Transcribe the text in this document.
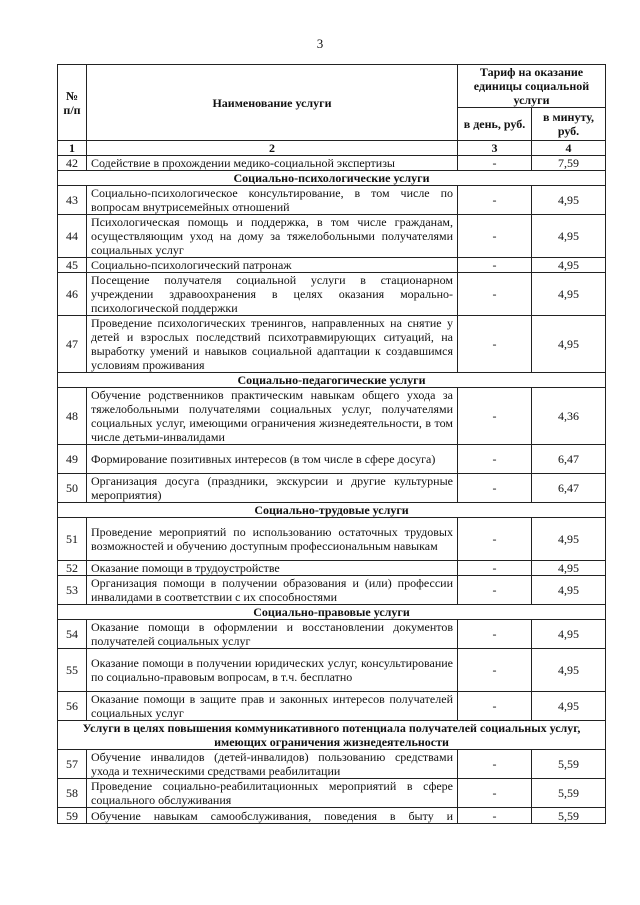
3
№ п/п	Наименование услуги	Тариф на оказание единицы социальной услуги	
		в день, руб.	в минуту, руб.
1	2	3	4
42	Содействие в прохождении медико-социальной экспертизы	-	7,59
Социально-психологические услуги			
43	Социально-психологическое консультирование, в том числе по вопросам внутрисемейных отношений	-	4,95
44	Психологическая помощь и поддержка, в том числе гражданам, осуществляющим уход на дому за тяжелобольными получателями социальных услуг	-	4,95
45	Социально-психологический патронаж	-	4,95
46	Посещение получателя социальной услуги в стационарном учреждении здравоохранения в целях оказания морально-психологической поддержки	-	4,95
47	Проведение психологических тренингов, направленных на снятие у детей и взрослых последствий психотравмирующих ситуаций, на выработку умений и навыков социальной адаптации к создавшимся условиям проживания	-	4,95
Социально-педагогические услуги			
48	Обучение родственников практическим навыкам общего ухода за тяжелобольными получателями социальных услуг, получателями социальных услуг, имеющими ограничения жизнедеятельности, в том числе детьми-инвалидами	-	4,36
49	Формирование позитивных интересов (в том числе в сфере досуга)	-	6,47
50	Организация досуга (праздники, экскурсии и другие культурные мероприятия)	-	6,47
Социально-трудовые услуги			
51	Проведение мероприятий по использованию остаточных трудовых возможностей и обучению доступным профессиональным навыкам	-	4,95
52	Оказание помощи в трудоустройстве	-	4,95
53	Организация помощи в получении образования и (или) профессии инвалидами в соответствии с их способностями	-	4,95
Социально-правовые услуги			
54	Оказание помощи в оформлении и восстановлении документов получателей социальных услуг	-	4,95
55	Оказание помощи в получении юридических услуг, консультирование по социально-правовым вопросам, в т.ч. бесплатно	-	4,95
56	Оказание помощи в защите прав и законных интересов получателей социальных услуг	-	4,95
Услуги в целях повышения коммуникативного потенциала получателей социальных услуг, имеющих ограничения жизнедеятельности			
57	Обучение инвалидов (детей-инвалидов) пользованию средствами ухода и техническими средствами реабилитации	-	5,59
58	Проведение социально-реабилитационных мероприятий в сфере социального обслуживания	-	5,59
59	Обучение навыкам самообслуживания, поведения в быту и	-	5,59
